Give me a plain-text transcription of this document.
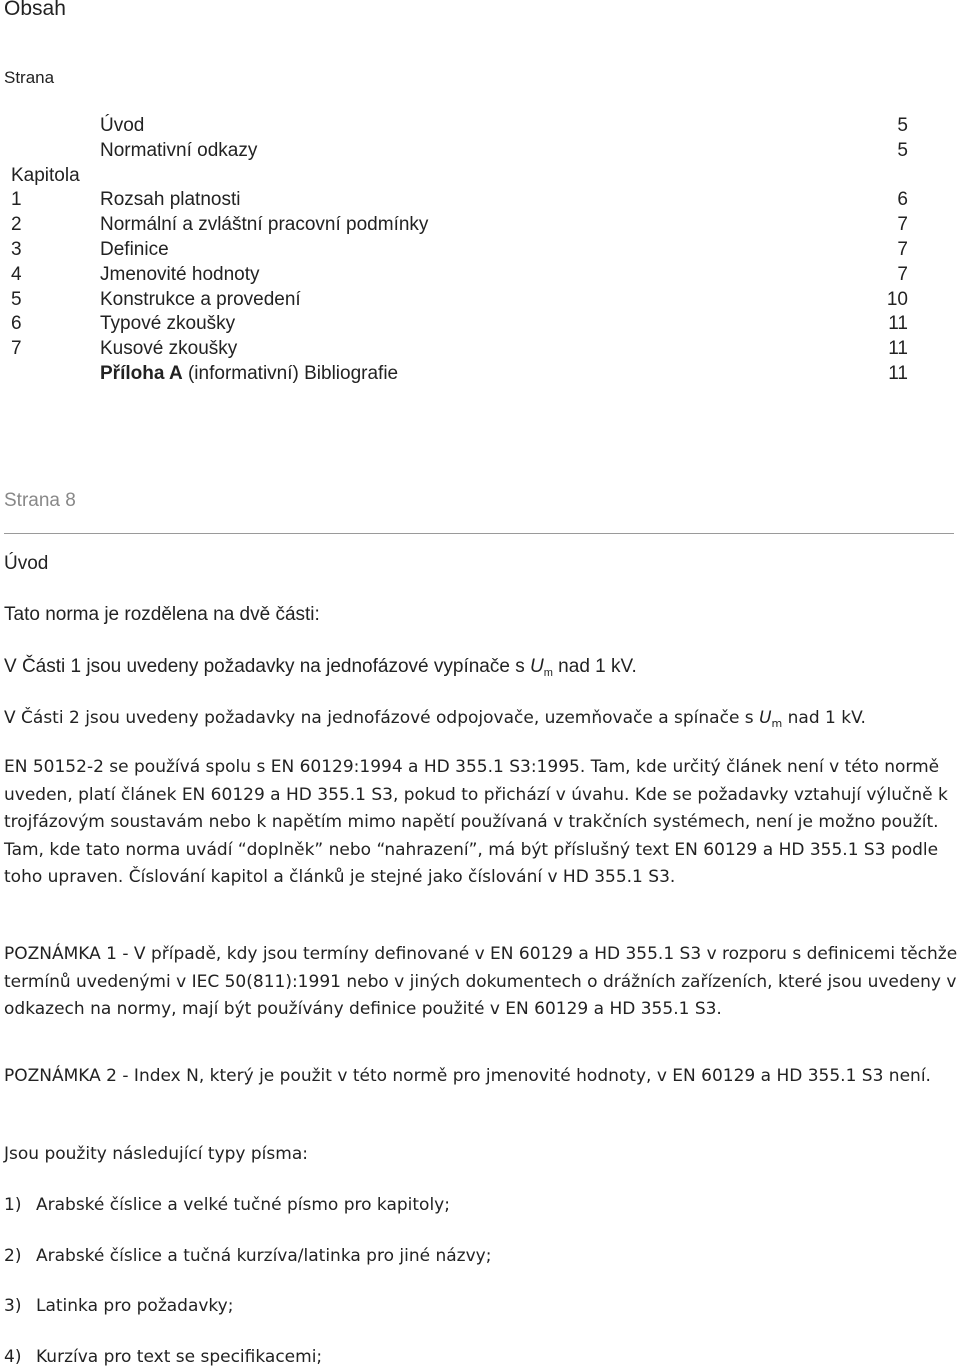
Obsah
Strana
Úvod	5
Normativní odkazy	5
Kapitola
1	Rozsah platnosti	6
2	Normální a zvláštní pracovní podmínky	7
3	Definice	7
4	Jmenovité hodnoty	7
5	Konstrukce a provedení	10
6	Typové zkoušky	11
7	Kusové zkoušky	11
Příloha A (informativní) Bibliografie	11
Strana 8
Úvod
Tato norma je rozdělena na dvě části:
V Části 1 jsou uvedeny požadavky na jednofázové vypínače s $U_m$ nad 1 kV.
V Části 2 jsou uvedeny požadavky na jednofázové odpojovače, uzemňovače a spínače s $U_m$ nad 1 kV.
EN 50152-2 se používá spolu s EN 60129:1994 a HD 355.1 S3:1995. Tam, kde určitý článek není v této normě uveden, platí článek EN 60129 a HD 355.1 S3, pokud to přichází v úvahu. Kde se požadavky vztahují výlučně k trojfázovým soustavám nebo k napětím mimo napětí používaná v trakčních systémech, není je možno použít. Tam, kde tato norma uvádí “doplněk” nebo “nahrazení”, má být příslušný text EN 60129 a HD 355.1 S3 podle toho upraven. Číslování kapitol a článků je stejné jako číslování v HD 355.1 S3.
POZNÁMKA 1 - V případě, kdy jsou termíny definované v EN 60129 a HD 355.1 S3 v rozporu s definicemi těchže termínů uvedenými v IEC 50(811):1991 nebo v jiných dokumentech o drážních zařízeních, které jsou uvedeny v odkazech na normy, mají být používány definice použité v EN 60129 a HD 355.1 S3.
POZNÁMKA 2 - Index N, který je použit v této normě pro jmenovité hodnoty, v EN 60129 a HD 355.1 S3 není.
Jsou použity následující typy písma:
1) Arabské číslice a velké tučné písmo pro kapitoly;
2) Arabské číslice a tučná kurzíva/latinka pro jiné názvy;
3) Latinka pro požadavky;
4) Kurzíva pro text se specifikacemi;
